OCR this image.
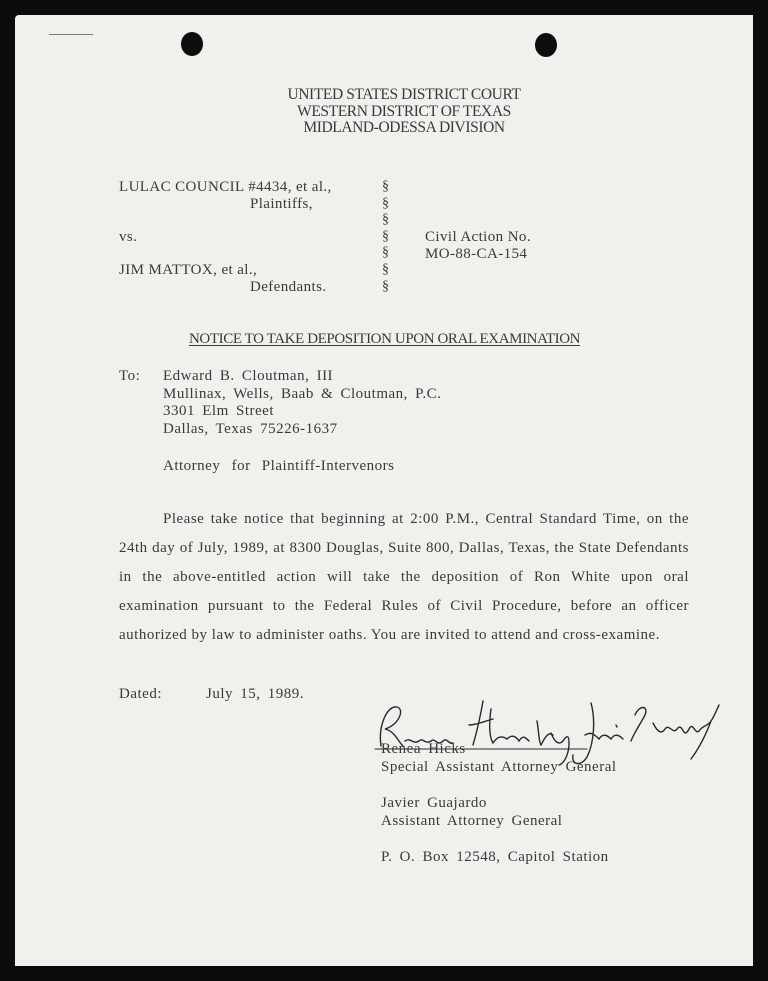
UNITED STATES DISTRICT COURT
WESTERN DISTRICT OF TEXAS
MIDLAND-ODESSA DIVISION
LULAC COUNCIL #4434, et al.,
Plaintiffs,

vs.

JIM MATTOX, et al.,
Defendants.
§
§
§
§
§
§
§
Civil Action No.
MO-88-CA-154
NOTICE TO TAKE DEPOSITION UPON ORAL EXAMINATION
To: Edward B. Cloutman, III
Mullinax, Wells, Baab & Cloutman, P.C.
3301 Elm Street
Dallas, Texas 75226-1637
Attorney for Plaintiff-Intervenors
Please take notice that beginning at 2:00 P.M., Central Standard Time, on the 24th day of July, 1989, at 8300 Douglas, Suite 800, Dallas, Texas, the State Defendants in the above-entitled action will take the deposition of Ron White upon oral examination pursuant to the Federal Rules of Civil Procedure, before an officer authorized by law to administer oaths. You are invited to attend and cross-examine.
Dated:	July 15, 1989.
Renea Hicks
Special Assistant Attorney General
Javier Guajardo
Assistant Attorney General
P. O. Box 12548, Capitol Station
